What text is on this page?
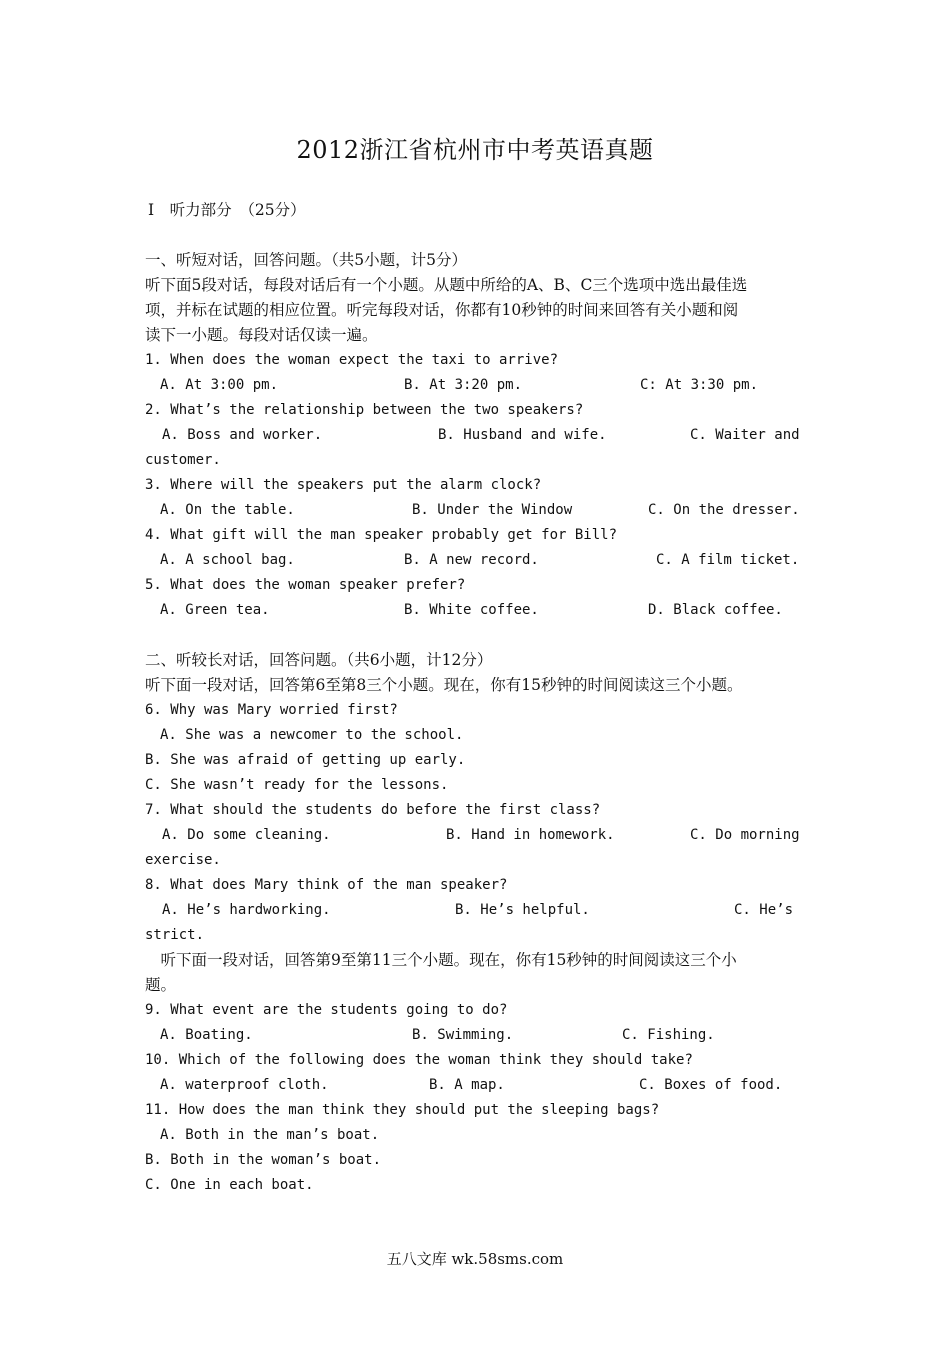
2012浙江省杭州市中考英语真题
Ⅰ　听力部分　（25分）
一、听短对话，回答问题。（共5小题，计5分）
听下面5段对话，每段对话后有一个小题。从题中所给的A、B、C三个选项中选出最佳选
项，并标在试题的相应位置。听完每段对话，你都有10秒钟的时间来回答有关小题和阅
读下一小题。每段对话仅读一遍。
1. When does the woman expect the taxi to arrive?
A. At 3:00 pm.	B. At 3:20 pm.	C: At 3:30 pm.
2. What’s the relationship between the two speakers?
A. Boss and worker.	B. Husband and wife.	C. Waiter and
customer.
3. Where will the speakers put the alarm clock?
A. On the table.	B. Under the Window	C. On the dresser.
4. What gift will the man speaker probably get for Bill?
A. A school bag.	B. A new record.	C. A film ticket.
5. What does the woman speaker prefer?
A. Green tea.	B. White coffee.	D. Black coffee.
二、听较长对话，回答问题。（共6小题，计12分）
听下面一段对话，回答第6至第8三个小题。现在，你有15秒钟的时间阅读这三个小题。
6. Why was Mary worried first?
A. She was a newcomer to the school.
B. She was afraid of getting up early.
C. She wasn’t ready for the lessons.
7. What should the students do before the first class?
A. Do some cleaning.	B. Hand in homework.	C. Do morning
exercise.
8. What does Mary think of the man speaker?
A. He’s hardworking.	B. He’s helpful.	C. He’s
strict.
　听下面一段对话，回答第9至第11三个小题。现在，你有15秒钟的时间阅读这三个小
题。
9. What event are the students going to do?
A. Boating.	B. Swimming.	C. Fishing.
10. Which of the following does the woman think they should take?
A. waterproof cloth.	B. A map.	C. Boxes of food.
11. How does the man think they should put the sleeping bags?
A. Both in the man’s boat.
B. Both in the woman’s boat.
C. One in each boat.
五八文库 wk.58sms.com
